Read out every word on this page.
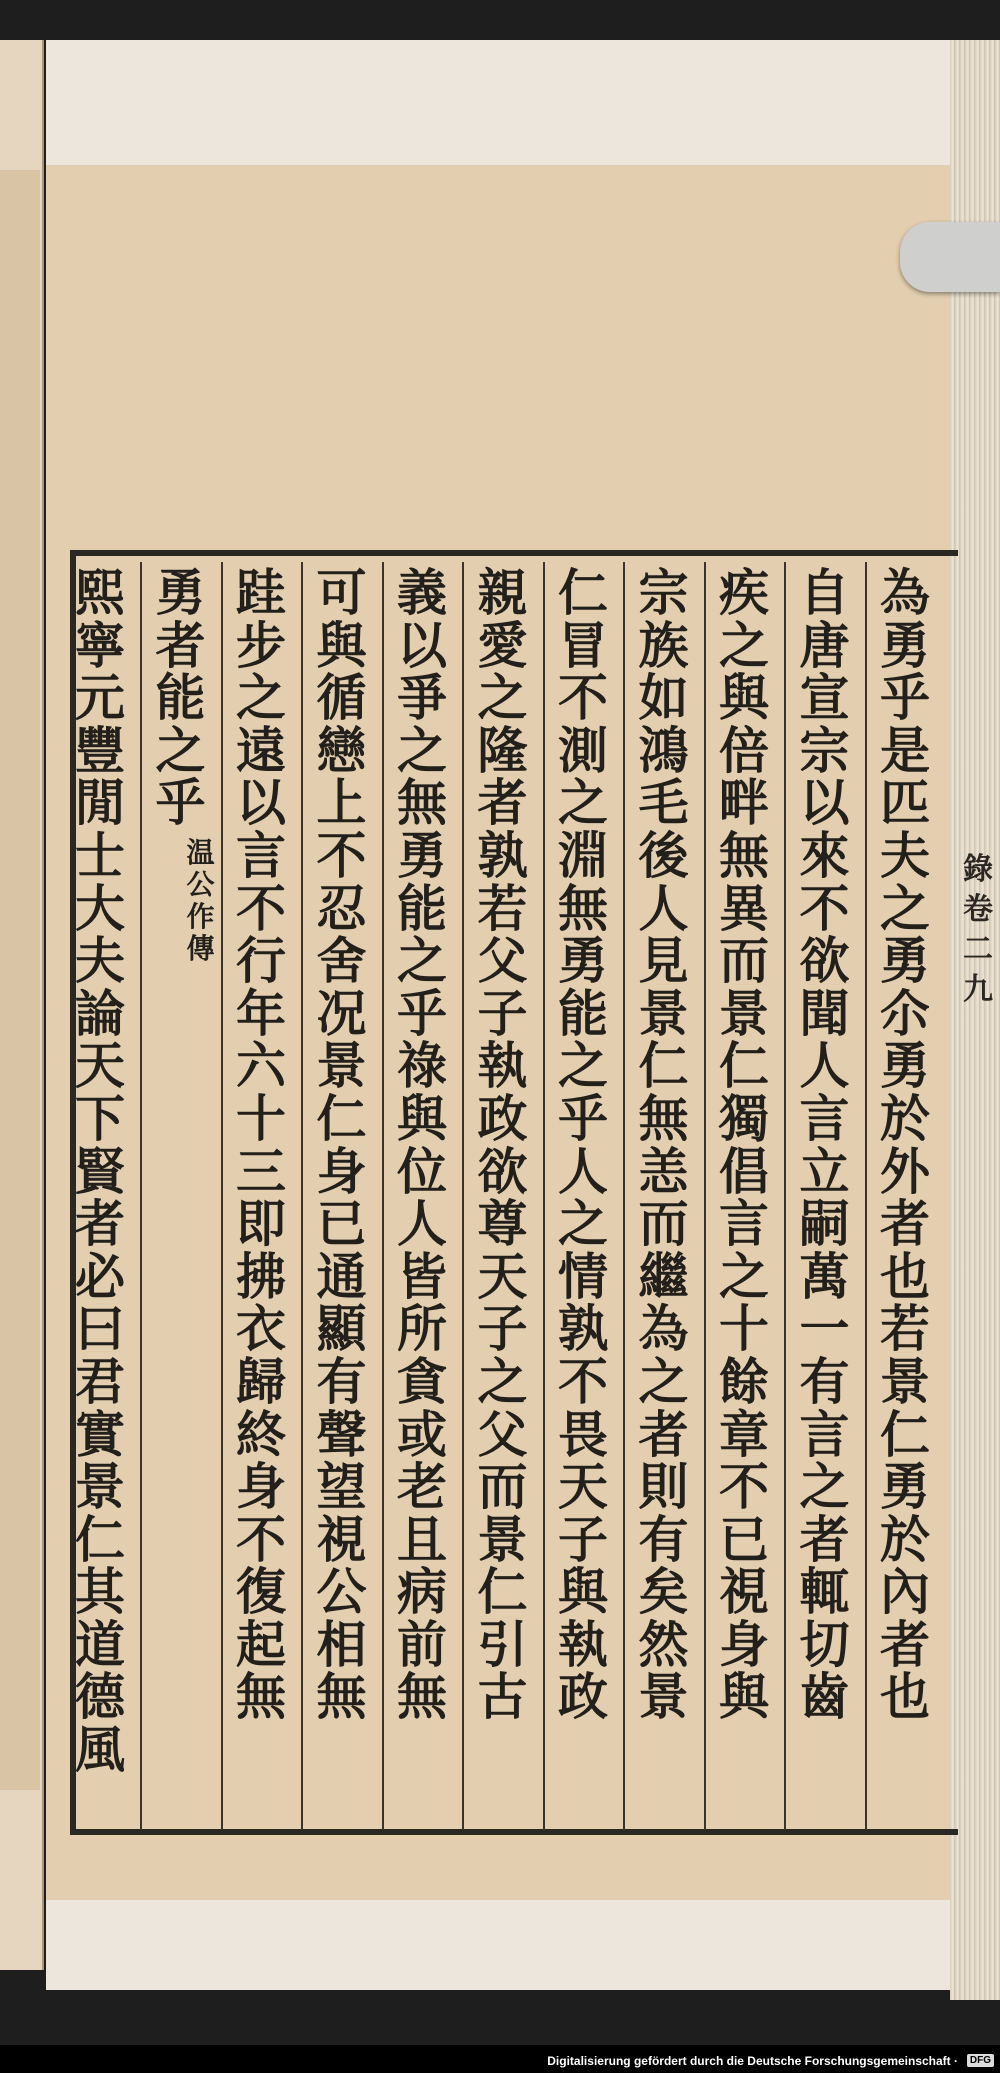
為
勇
乎
是
匹
夫
之
勇
尒
勇
於
外
者
也
若
景
仁
勇
於
內
者
也
自
唐
宣
宗
以
來
不
欲
聞
人
言
立
嗣
萬
一
有
言
之
者
輒
切
齒
疾
之
與
倍
畔
無
異
而
景
仁
獨
倡
言
之
十
餘
章
不
已
視
身
與
宗
族
如
鴻
毛
後
人
見
景
仁
無
恙
而
繼
為
之
者
則
有
矣
然
景
仁
冒
不
測
之
淵
無
勇
能
之
乎
人
之
情
孰
不
畏
天
子
與
執
政
親
愛
之
隆
者
孰
若
父
子
執
政
欲
尊
天
子
之
父
而
景
仁
引
古
義
以
爭
之
無
勇
能
之
乎
祿
與
位
人
皆
所
貪
或
老
且
病
前
無
可
與
循
戀
上
不
忍
舍
况
景
仁
身
已
通
顯
有
聲
望
視
公
相
無
跬
步
之
遠
以
言
不
行
年
六
十
三
即
拂
衣
歸
終
身
不
復
起
無
勇
者
能
之
乎
温
公
作
傳
熙
寧
元
豐
閒
士
大
夫
論
天
下
賢
者
必
曰
君
實
景
仁
其
道
德
風
錄
卷
二
九
Digitalisierung gefördert durch die Deutsche Forschungsgemeinschaft ·	DFG
